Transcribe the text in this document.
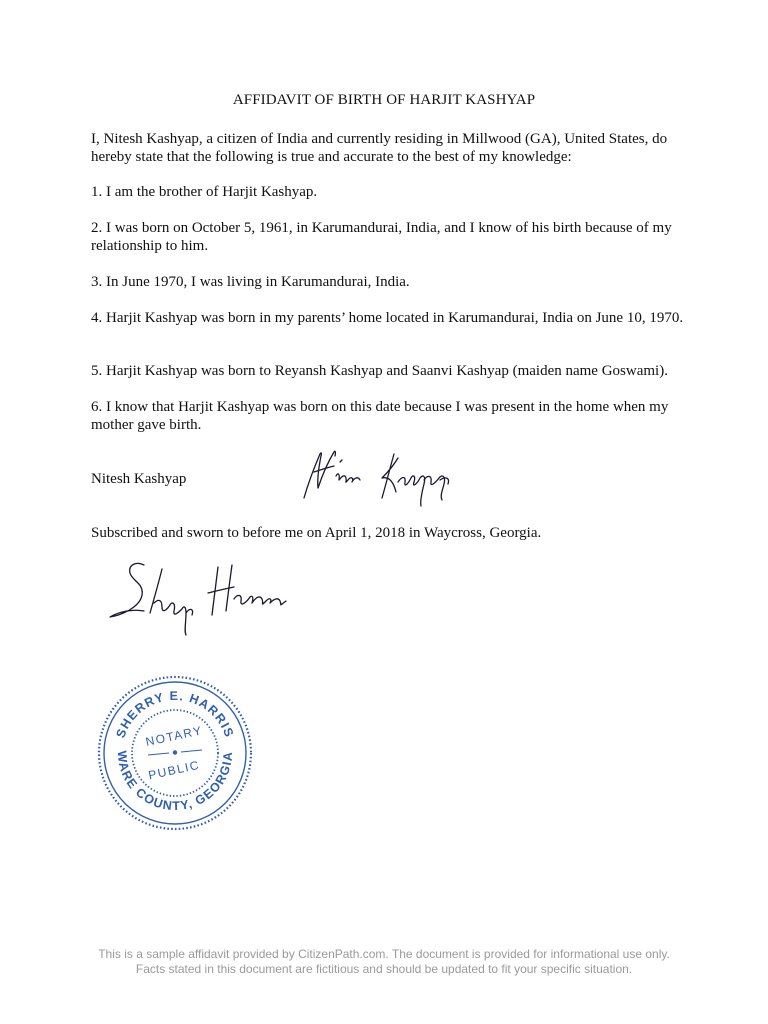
AFFIDAVIT OF BIRTH OF HARJIT KASHYAP

I, Nitesh Kashyap, a citizen of India and currently residing in Millwood (GA), United States, do hereby state that the following is true and accurate to the best of my knowledge:

1. I am the brother of Harjit Kashyap.

2. I was born on October 5, 1961, in Karumandurai, India, and I know of his birth because of my relationship to him.

3. In June 1970, I was living in Karumandurai, India.

4. Harjit Kashyap was born in my parents’ home located in Karumandurai, India on June 10, 1970.

5. Harjit Kashyap was born to Reyansh Kashyap and Saanvi Kashyap (maiden name Goswami).

6. I know that Harjit Kashyap was born on this date because I was present in the home when my mother gave birth.

Nitesh Kashyap

Subscribed and sworn to before me on April 1, 2018 in Waycross, Georgia.

SHERRY E. HARRIS
WARE COUNTY, GEORGIA
NOTARY
PUBLIC

This is a sample affidavit provided by CitizenPath.com. The document is provided for informational use only. Facts stated in this document are fictitious and should be updated to fit your specific situation.
